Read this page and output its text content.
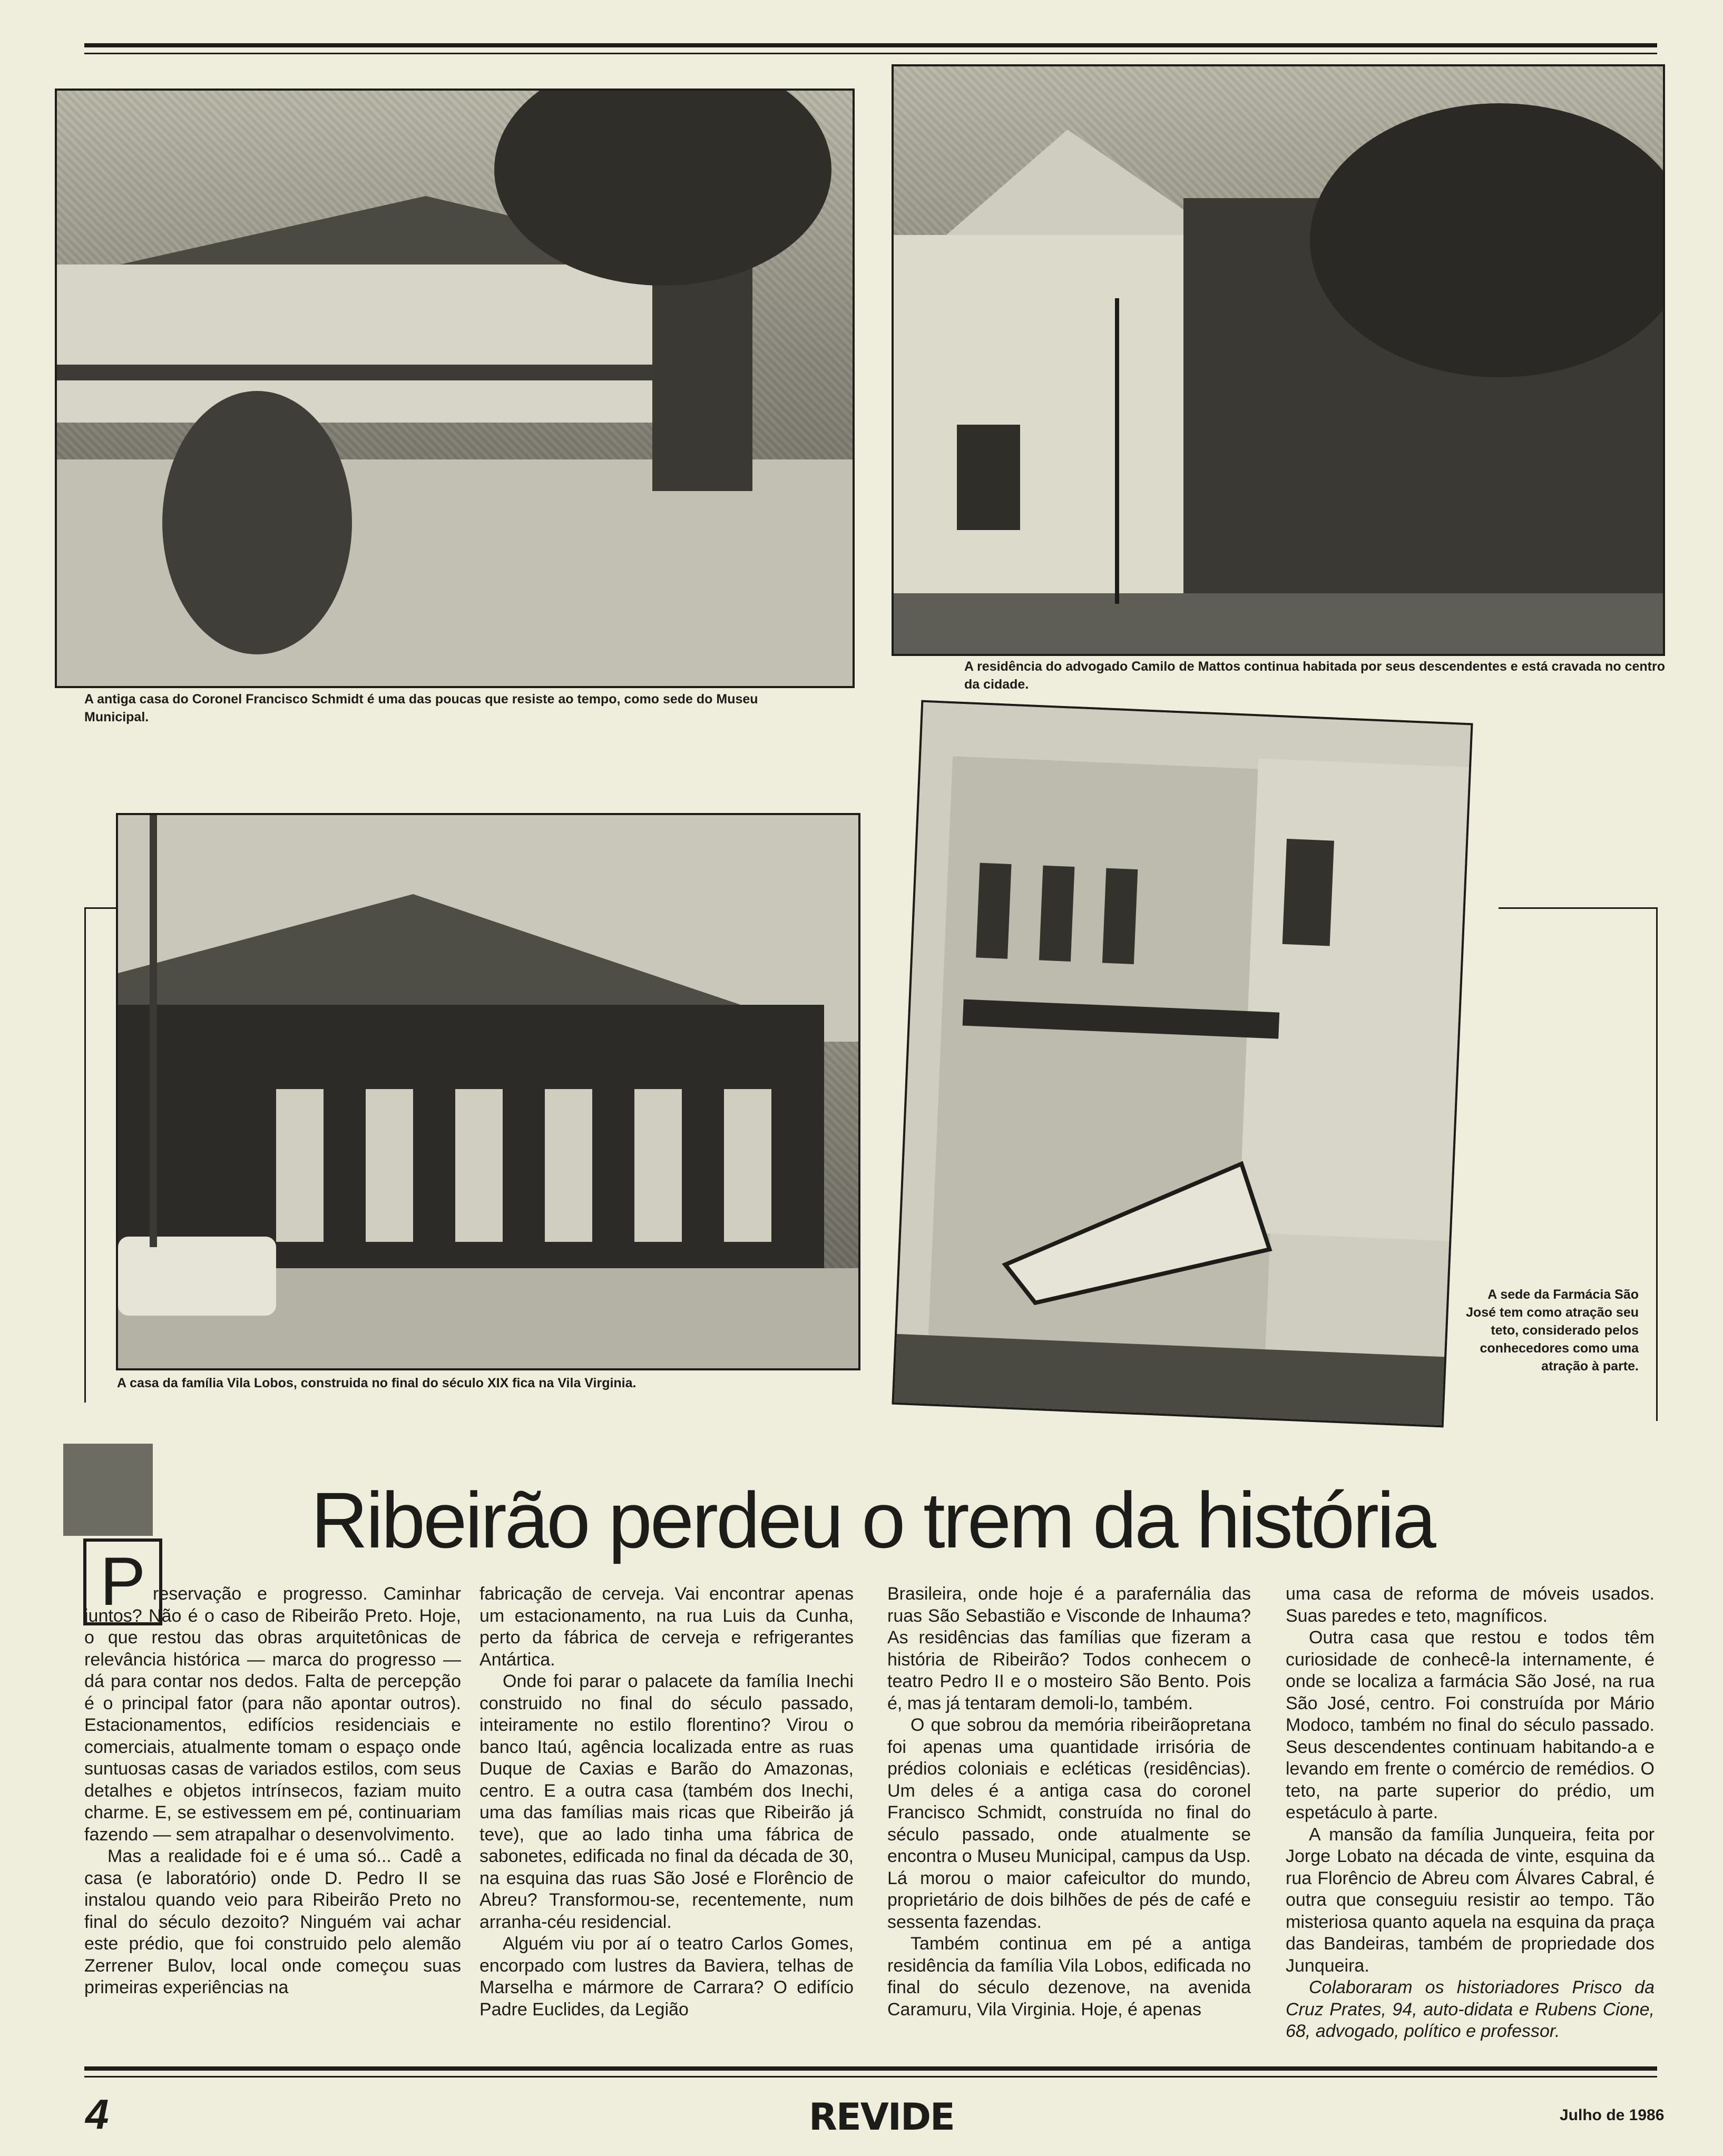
A antiga casa do Coronel Francisco Schmidt é uma das poucas que resiste ao tempo, como sede do Museu Municipal.
A residência do advogado Camilo de Mattos continua habitada por seus descendentes e está cravada no centro da cidade.
A casa da família Vila Lobos, construida no final do século XIX fica na Vila Virginia.
A sede da Farmácia São José tem como atração seu teto, considerado pelos conhecedores como uma atração à parte.
Ribeirão perdeu o trem da história
P reservação e progresso. Caminhar juntos? Não é o caso de Ribeirão Preto. Hoje, o que restou das obras arquitetônicas de relevância histórica — marca do progresso — dá para contar nos dedos. Falta de percepção é o principal fator (para não apontar outros). Estacionamentos, edifícios residenciais e comerciais, atualmente tomam o espaço onde suntuosas casas de variados estilos, com seus detalhes e objetos intrínsecos, faziam muito charme. E, se estivessem em pé, continuariam fazendo — sem atrapalhar o desenvolvimento.

Mas a realidade foi e é uma só... Cadê a casa (e laboratório) onde D. Pedro II se instalou quando veio para Ribeirão Preto no final do século dezoito? Ninguém vai achar este prédio, que foi construido pelo alemão Zerrener Bulov, local onde começou suas primeiras experiências na

fabricação de cerveja. Vai encontrar apenas um estacionamento, na rua Luis da Cunha, perto da fábrica de cerveja e refrigerantes Antártica.

Onde foi parar o palacete da família Inechi construido no final do século passado, inteiramente no estilo florentino? Virou o banco Itaú, agência localizada entre as ruas Duque de Caxias e Barão do Amazonas, centro. E a outra casa (também dos Inechi, uma das famílias mais ricas que Ribeirão já teve), que ao lado tinha uma fábrica de sabonetes, edificada no final da década de 30, na esquina das ruas São José e Florêncio de Abreu? Transformou-se, recentemente, num arranha-céu residencial.

Alguém viu por aí o teatro Carlos Gomes, encorpado com lustres da Baviera, telhas de Marselha e mármore de Carrara? O edifício Padre Euclides, da Legião

Brasileira, onde hoje é a parafernália das ruas São Sebastião e Visconde de Inhauma? As residências das famílias que fizeram a história de Ribeirão? Todos conhecem o teatro Pedro II e o mosteiro São Bento. Pois é, mas já tentaram demoli-lo, também.

O que sobrou da memória ribeirãopretana foi apenas uma quantidade irrisória de prédios coloniais e ecléticas (residências). Um deles é a antiga casa do coronel Francisco Schmidt, construída no final do século passado, onde atualmente se encontra o Museu Municipal, campus da Usp. Lá morou o maior cafeicultor do mundo, proprietário de dois bilhões de pés de café e sessenta fazendas.

Também continua em pé a antiga residência da família Vila Lobos, edificada no final do século dezenove, na avenida Caramuru, Vila Virginia. Hoje, é apenas

uma casa de reforma de móveis usados. Suas paredes e teto, magníficos.

Outra casa que restou e todos têm curiosidade de conhecê-la internamente, é onde se localiza a farmácia São José, na rua São José, centro. Foi construída por Mário Modoco, também no final do século passado. Seus descendentes continuam habitando-a e levando em frente o comércio de remédios. O teto, na parte superior do prédio, um espetáculo à parte.

A mansão da família Junqueira, feita por Jorge Lobato na década de vinte, esquina da rua Florêncio de Abreu com Álvares Cabral, é outra que conseguiu resistir ao tempo. Tão misteriosa quanto aquela na esquina da praça das Bandeiras, também de propriedade dos Junqueira.

Colaboraram os historiadores Prisco da Cruz Prates, 94, auto-didata e Rubens Cione, 68, advogado, político e professor.

4	REVIDE	Julho de 1986
